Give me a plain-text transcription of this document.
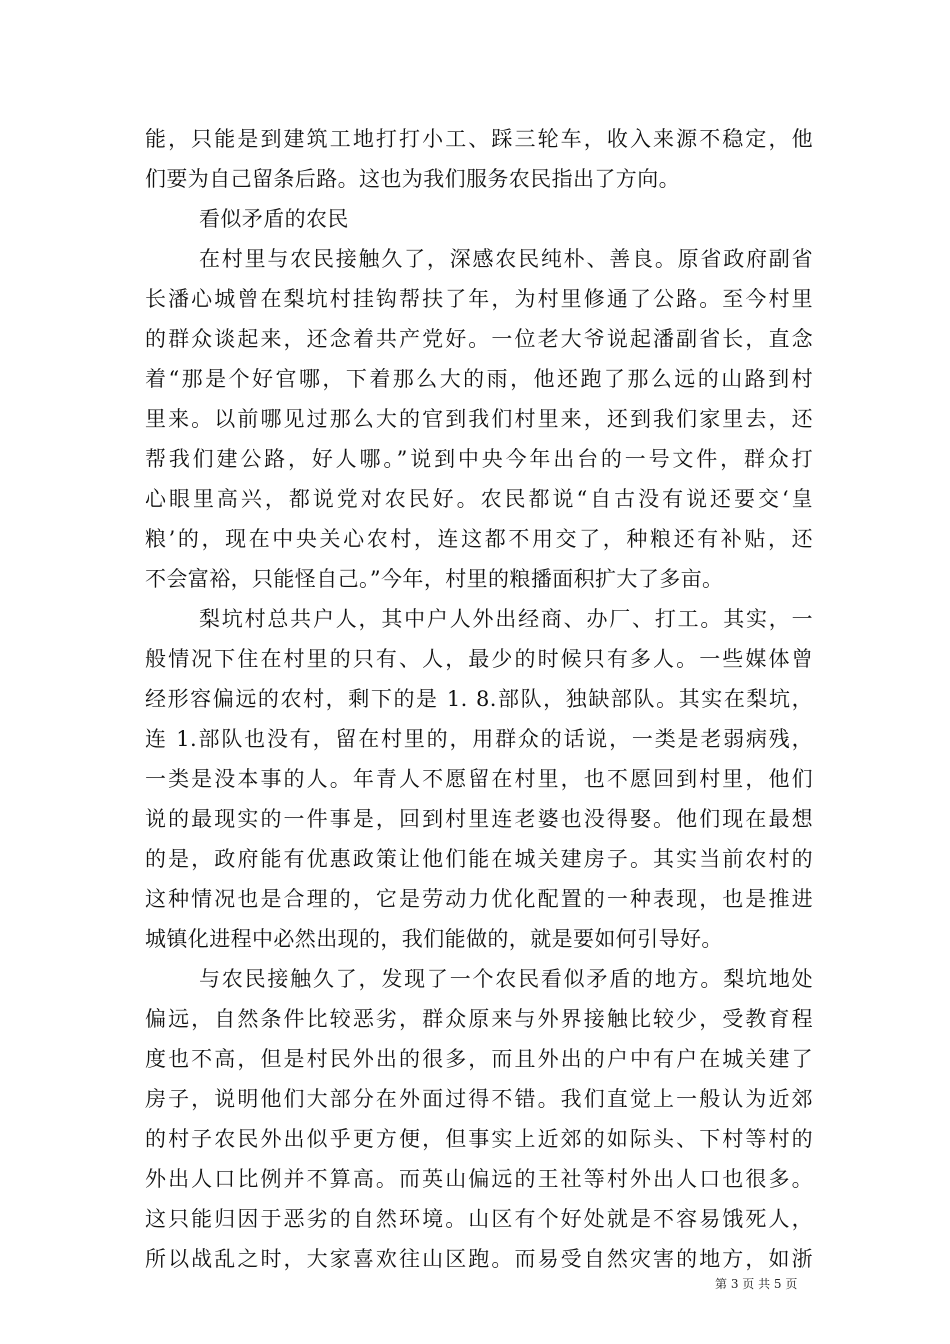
能，只能是到建筑工地打打小工、踩三轮车，收入来源不稳定，他
们要为自己留条后路。这也为我们服务农民指出了方向。
看似矛盾的农民
在村里与农民接触久了，深感农民纯朴、善良。原省政府副省
长潘心城曾在梨坑村挂钩帮扶了年，为村里修通了公路。至今村里
的群众谈起来，还念着共产党好。一位老大爷说起潘副省长，直念
着“那是个好官哪，下着那么大的雨，他还跑了那么远的山路到村
里来。以前哪见过那么大的官到我们村里来，还到我们家里去，还
帮我们建公路，好人哪。”说到中央今年出台的一号文件，群众打
心眼里高兴，都说党对农民好。农民都说“自古没有说还要交‘皇
粮’的，现在中央关心农村，连这都不用交了，种粮还有补贴，还
不会富裕，只能怪自己。”今年，村里的粮播面积扩大了多亩。
梨坑村总共户人，其中户人外出经商、办厂、打工。其实，一
般情况下住在村里的只有、人，最少的时候只有多人。一些媒体曾
经形容偏远的农村，剩下的是 1. 8.部队，独缺部队。其实在梨坑，
连 1.部队也没有，留在村里的，用群众的话说，一类是老弱病残，
一类是没本事的人。年青人不愿留在村里，也不愿回到村里，他们
说的最现实的一件事是，回到村里连老婆也没得娶。他们现在最想
的是，政府能有优惠政策让他们能在城关建房子。其实当前农村的
这种情况也是合理的，它是劳动力优化配置的一种表现，也是推进
城镇化进程中必然出现的，我们能做的，就是要如何引导好。
与农民接触久了，发现了一个农民看似矛盾的地方。梨坑地处
偏远，自然条件比较恶劣，群众原来与外界接触比较少，受教育程
度也不高，但是村民外出的很多，而且外出的户中有户在城关建了
房子，说明他们大部分在外面过得不错。我们直觉上一般认为近郊
的村子农民外出似乎更方便，但事实上近郊的如际头、下村等村的
外出人口比例并不算高。而英山偏远的王社等村外出人口也很多。
这只能归因于恶劣的自然环境。山区有个好处就是不容易饿死人，
所以战乱之时，大家喜欢往山区跑。而易受自然灾害的地方，如浙
第 3 页 共 5 页
